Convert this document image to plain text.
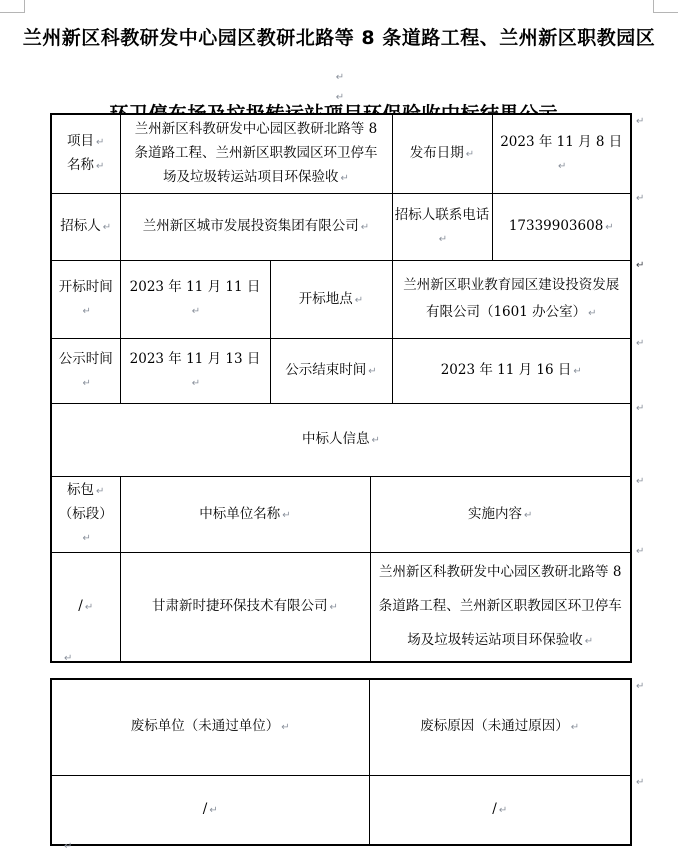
兰州新区科教研发中心园区教研北路等 8 条道路工程、兰州新区职教园区↵
↵
项目 ↵
名称 ↵	兰州新区科教研发中心园区教研北路等 8 条道路工程、兰州新区职教园区环卫停车场及垃圾转运站项目环保验收 ↵			发布日期 ↵	2023 年 11 月 8 日↵
招标人 ↵	兰州新区城市发展投资集团有限公司 ↵			招标人联系电话↵	17339903608 ↵
开标时间↵	2023 年 11 月 11 日↵	开标地点 ↵		兰州新区职业教育园区建设投资发展有限公司（1601 办公室） ↵	
公示时间↵	2023 年 11 月 13 日↵	公示结束时间 ↵		2023 年 11 月 16 日 ↵	
中标人信息 ↵					

标包 ↵
（标段）↵	中标单位名称 ↵		实施内容 ↵		
/ ↵	甘肃新时捷环保技术有限公司 ↵		兰州新区科教研发中心园区教研北路等 8 条道路工程、兰州新区职教园区环卫停车场及垃圾转运站项目环保验收 ↵		
废标单位（未通过单位） ↵	废标原因（未通过原因） ↵
/ ↵	/ ↵
↵
↵
↵
↵
↵
↵
↵
↵
↵
↵
↵
